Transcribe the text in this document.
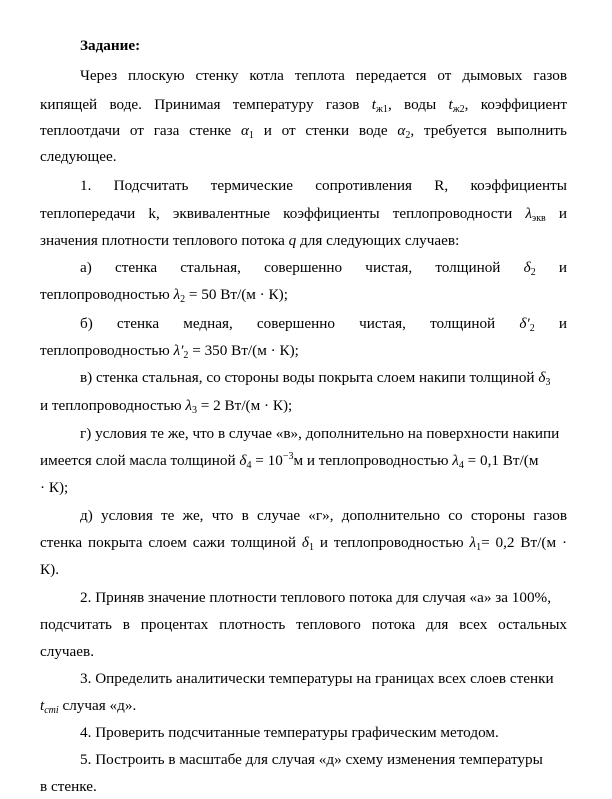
Задание:
Через плоскую стенку котла теплота передается от дымовых газов
кипящей воде. Принимая температуру газов $t_{ж1}$, воды $t_{ж2}$, коэффициент
теплоотдачи от газа стенке $\alpha_1$ и от стенки воде $\alpha_2$, требуется выполнить
следующее.
1. Подсчитать термические сопротивления R, коэффициенты
теплопередачи k, эквивалентные коэффициенты теплопроводности $\lambda_{экв}$ и
значения плотности теплового потока q для следующих случаев:
а) стенка стальная, совершенно чистая, толщиной $\delta_2$ и
теплопроводностью $\lambda_2 = 50$ Вт/(м · К);
б) стенка медная, совершенно чистая, толщиной $\delta'_2$ и
теплопроводностью $\lambda'_2 = 350$ Вт/(м · К);
в) стенка стальная, со стороны воды покрыта слоем накипи толщиной $\delta_3$
и теплопроводностью $\lambda_3 = 2$ Вт/(м · К);
г) условия те же, что в случае «в», дополнительно на поверхности накипи
имеется слой масла толщиной $\delta_4 = 10^{-3}м$ и теплопроводностью $\lambda_4 = 0,1$ Вт/(м
· К);
д) условия те же, что в случае «г», дополнительно со стороны газов
стенка покрыта слоем сажи толщиной $\delta_1$ и теплопроводностью $\lambda_1= 0,2$ Вт/(м ·
К).
2. Приняв значение плотности теплового потока для случая «а» за 100%,
подсчитать в процентах плотность теплового потока для всех остальных
случаев.
3. Определить аналитически температуры на границах всех слоев стенки
$t_{сті}$ случая «д».
4. Проверить подсчитанные температуры графическим методом.
5. Построить в масштабе для случая «д» схему изменения температуры
в стенке.
